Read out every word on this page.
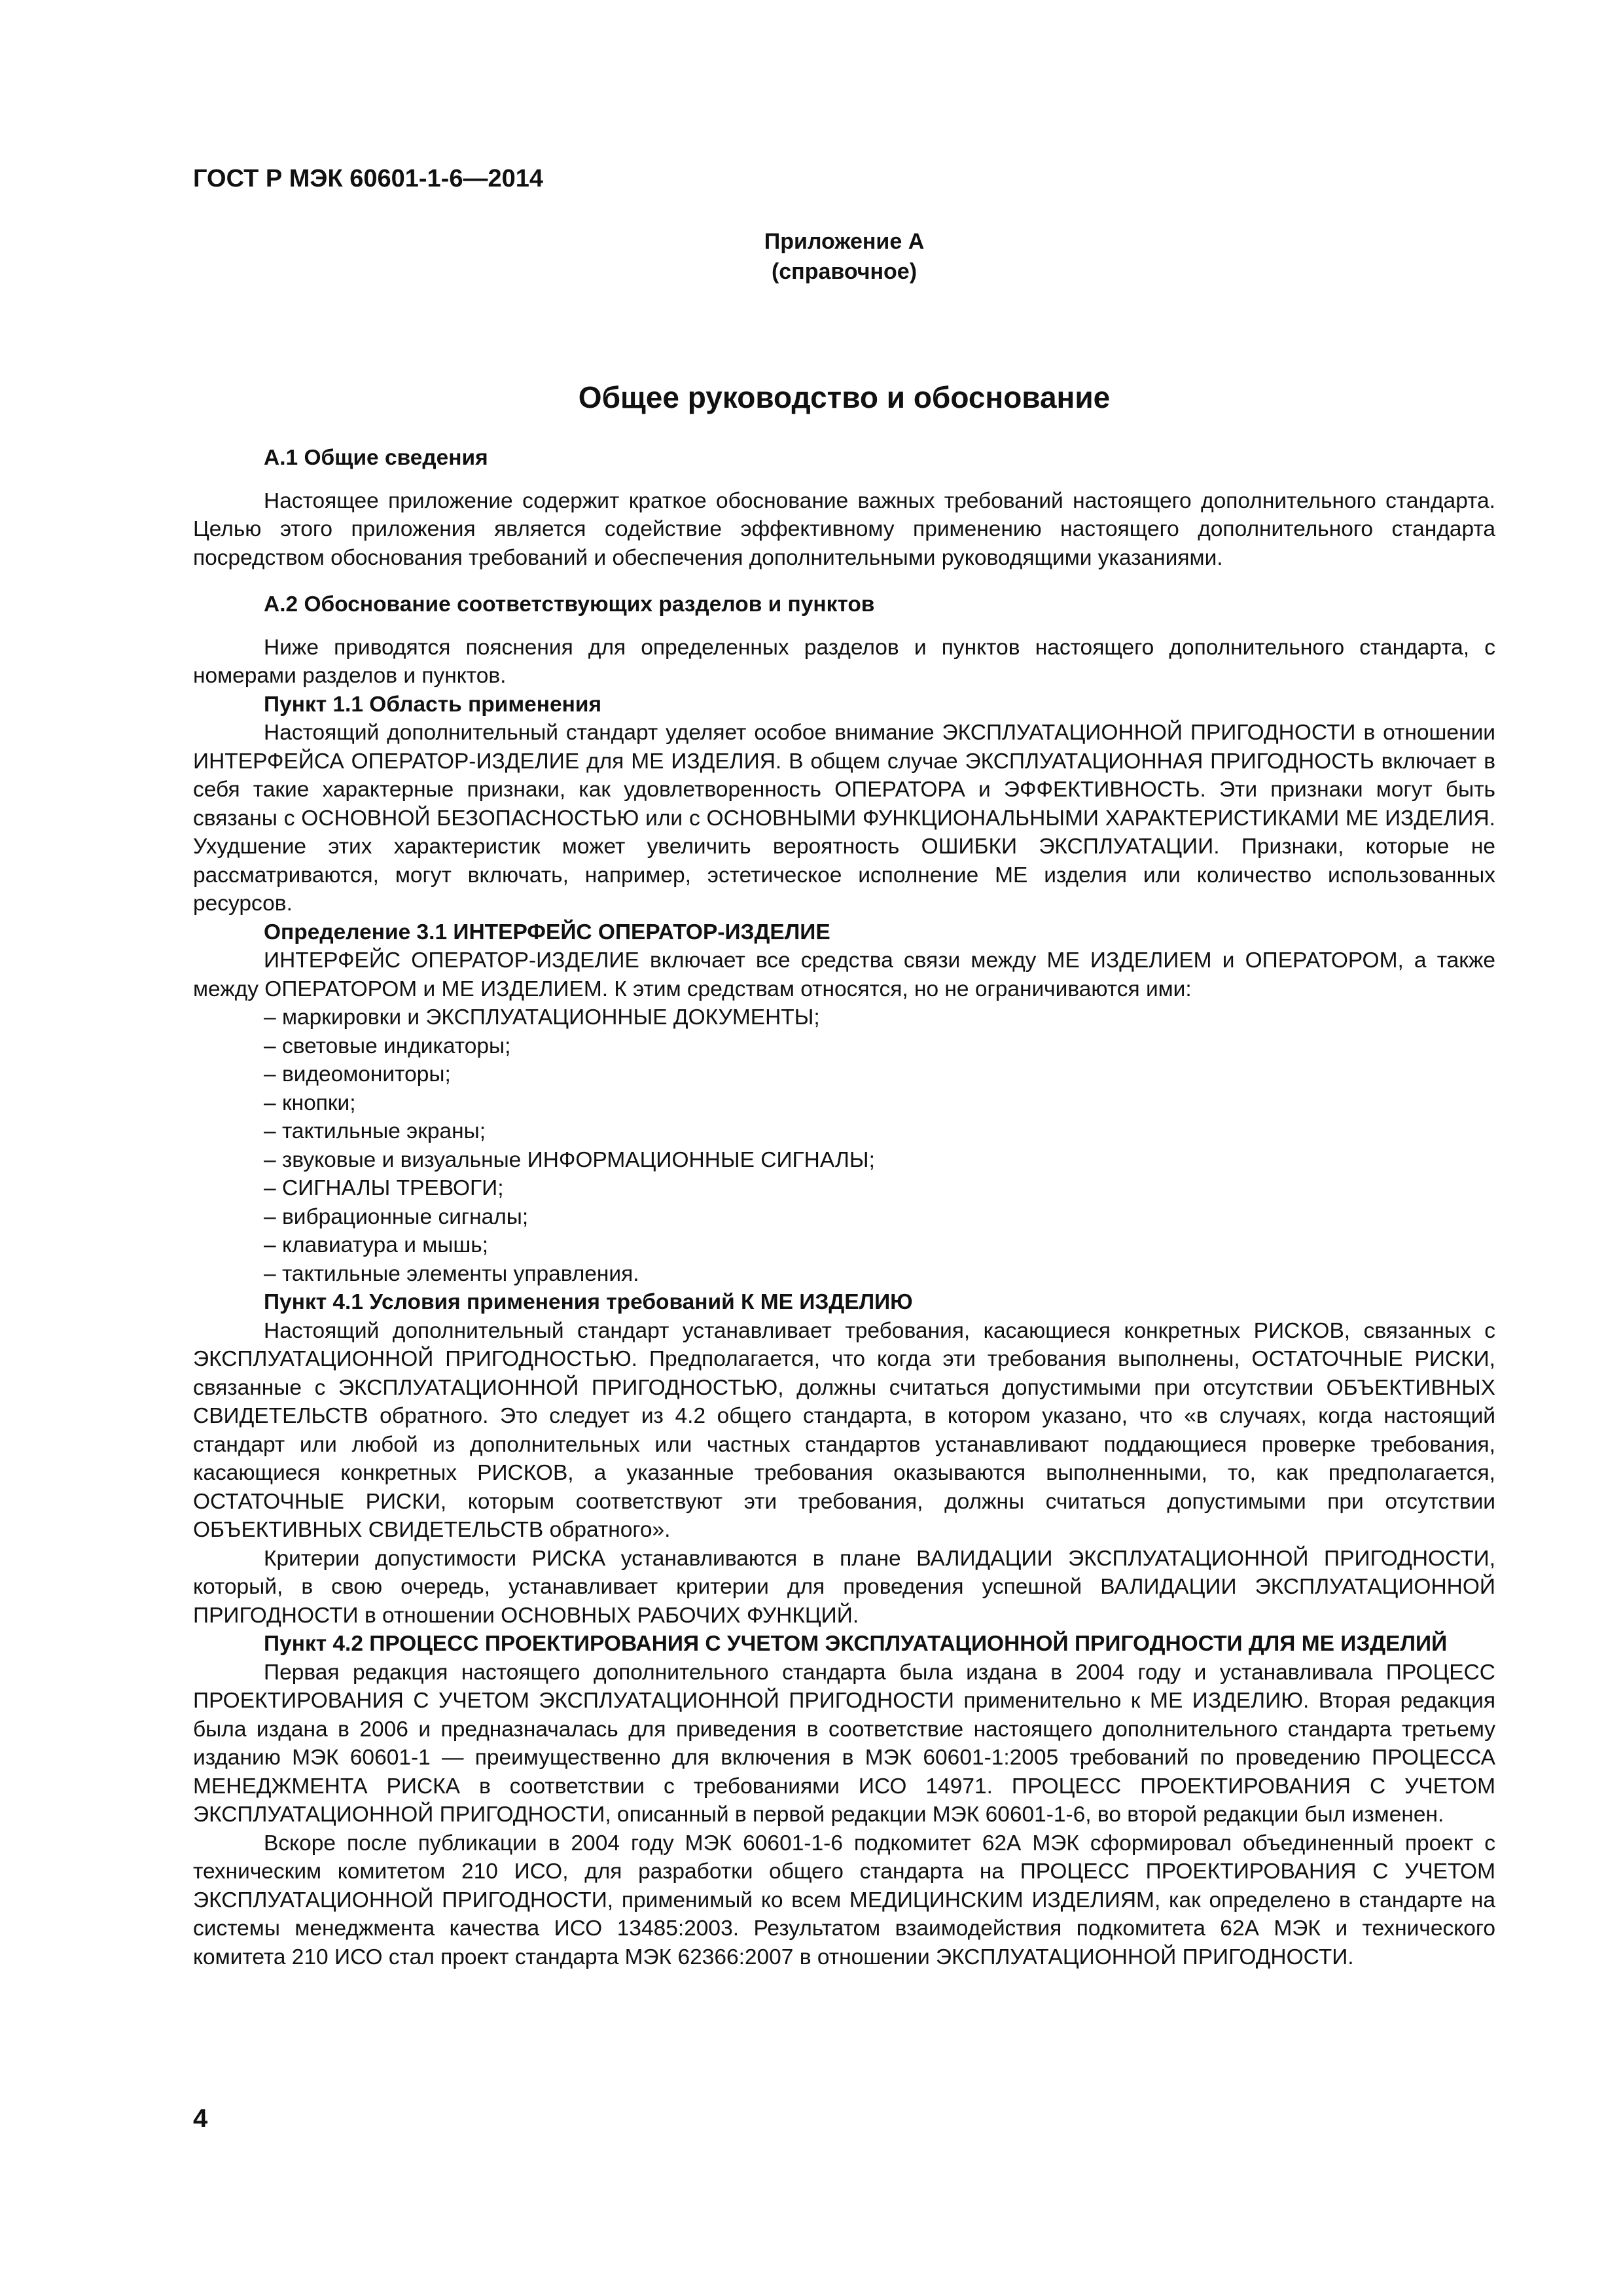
ГОСТ Р МЭК 60601-1-6—2014
Приложение А
(справочное)
Общее руководство и обоснование
А.1 Общие сведения

Настоящее приложение содержит краткое обоснование важных требований настоящего дополнительного стандарта. Целью этого приложения является содействие эффективному применению настоящего дополнительного стандарта посредством обоснования требований и обеспечения дополнительными руководящими указаниями.

А.2 Обоснование соответствующих разделов и пунктов

Ниже приводятся пояснения для определенных разделов и пунктов настоящего дополнительного стандарта, с номерами разделов и пунктов.

Пункт 1.1 Область применения

Настоящий дополнительный стандарт уделяет особое внимание ЭКСПЛУАТАЦИОННОЙ ПРИГОДНОСТИ в отношении ИНТЕРФЕЙСА ОПЕРАТОР-ИЗДЕЛИЕ для МЕ ИЗДЕЛИЯ. В общем случае ЭКСПЛУАТАЦИОННАЯ ПРИГОДНОСТЬ включает в себя такие характерные признаки, как удовлетворенность ОПЕРАТОРА и ЭФФЕКТИВНОСТЬ. Эти признаки могут быть связаны с ОСНОВНОЙ БЕЗОПАСНОСТЬЮ или с ОСНОВНЫМИ ФУНКЦИОНАЛЬНЫМИ ХАРАКТЕРИСТИКАМИ МЕ ИЗДЕЛИЯ. Ухудшение этих характеристик может увеличить вероятность ОШИБКИ ЭКСПЛУАТАЦИИ. Признаки, которые не рассматриваются, могут включать, например, эстетическое исполнение МЕ изделия или количество использованных ресурсов.

Определение 3.1 ИНТЕРФЕЙС ОПЕРАТОР-ИЗДЕЛИЕ

ИНТЕРФЕЙС ОПЕРАТОР-ИЗДЕЛИЕ включает все средства связи между МЕ ИЗДЕЛИЕМ и ОПЕРАТОРОМ, а также между ОПЕРАТОРОМ и МЕ ИЗДЕЛИЕМ. К этим средствам относятся, но не ограничиваются ими:

– маркировки и ЭКСПЛУАТАЦИОННЫЕ ДОКУМЕНТЫ;
– световые индикаторы;
– видеомониторы;
– кнопки;
– тактильные экраны;
– звуковые и визуальные ИНФОРМАЦИОННЫЕ СИГНАЛЫ;
– СИГНАЛЫ ТРЕВОГИ;
– вибрационные сигналы;
– клавиатура и мышь;
– тактильные элементы управления.
Пункт 4.1 Условия применения требований К МЕ ИЗДЕЛИЮ

Настоящий дополнительный стандарт устанавливает требования, касающиеся конкретных РИСКОВ, связанных с ЭКСПЛУАТАЦИОННОЙ ПРИГОДНОСТЬЮ. Предполагается, что когда эти требования выполнены, ОСТАТОЧНЫЕ РИСКИ, связанные с ЭКСПЛУАТАЦИОННОЙ ПРИГОДНОСТЬЮ, должны считаться допустимыми при отсутствии ОБЪЕКТИВНЫХ СВИДЕТЕЛЬСТВ обратного. Это следует из 4.2 общего стандарта, в котором указано, что «в случаях, когда настоящий стандарт или любой из дополнительных или частных стандартов устанавливают поддающиеся проверке требования, касающиеся конкретных РИСКОВ, а указанные требования оказываются выполненными, то, как предполагается, ОСТАТОЧНЫЕ РИСКИ, которым соответствуют эти требования, должны считаться допустимыми при отсутствии ОБЪЕКТИВНЫХ СВИДЕТЕЛЬСТВ обратного».

Критерии допустимости РИСКА устанавливаются в плане ВАЛИДАЦИИ ЭКСПЛУАТАЦИОННОЙ ПРИГОДНОСТИ, который, в свою очередь, устанавливает критерии для проведения успешной ВАЛИДАЦИИ ЭКСПЛУАТАЦИОННОЙ ПРИГОДНОСТИ в отношении ОСНОВНЫХ РАБОЧИХ ФУНКЦИЙ.

Пункт 4.2 ПРОЦЕСС ПРОЕКТИРОВАНИЯ С УЧЕТОМ ЭКСПЛУАТАЦИОННОЙ ПРИГОДНОСТИ ДЛЯ МЕ ИЗДЕЛИЙ

Первая редакция настоящего дополнительного стандарта была издана в 2004 году и устанавливала ПРОЦЕСС ПРОЕКТИРОВАНИЯ С УЧЕТОМ ЭКСПЛУАТАЦИОННОЙ ПРИГОДНОСТИ применительно к МЕ ИЗДЕЛИЮ. Вторая редакция была издана в 2006 и предназначалась для приведения в соответствие настоящего дополнительного стандарта третьему изданию МЭК 60601-1 — преимущественно для включения в МЭК 60601-1:2005 требований по проведению ПРОЦЕССА МЕНЕДЖМЕНТА РИСКА в соответствии с требованиями ИСО 14971. ПРОЦЕСС ПРОЕКТИРОВАНИЯ С УЧЕТОМ ЭКСПЛУАТАЦИОННОЙ ПРИГОДНОСТИ, описанный в первой редакции МЭК 60601-1-6, во второй редакции был изменен.

Вскоре после публикации в 2004 году МЭК 60601-1-6 подкомитет 62А МЭК сформировал объединенный проект с техническим комитетом 210 ИСО, для разработки общего стандарта на ПРОЦЕСС ПРОЕКТИРОВАНИЯ С УЧЕТОМ ЭКСПЛУАТАЦИОННОЙ ПРИГОДНОСТИ, применимый ко всем МЕДИЦИНСКИМ ИЗДЕЛИЯМ, как определено в стандарте на системы менеджмента качества ИСО 13485:2003. Результатом взаимодействия подкомитета 62А МЭК и технического комитета 210 ИСО стал проект стандарта МЭК 62366:2007 в отношении ЭКСПЛУАТАЦИОННОЙ ПРИГОДНОСТИ.

4
